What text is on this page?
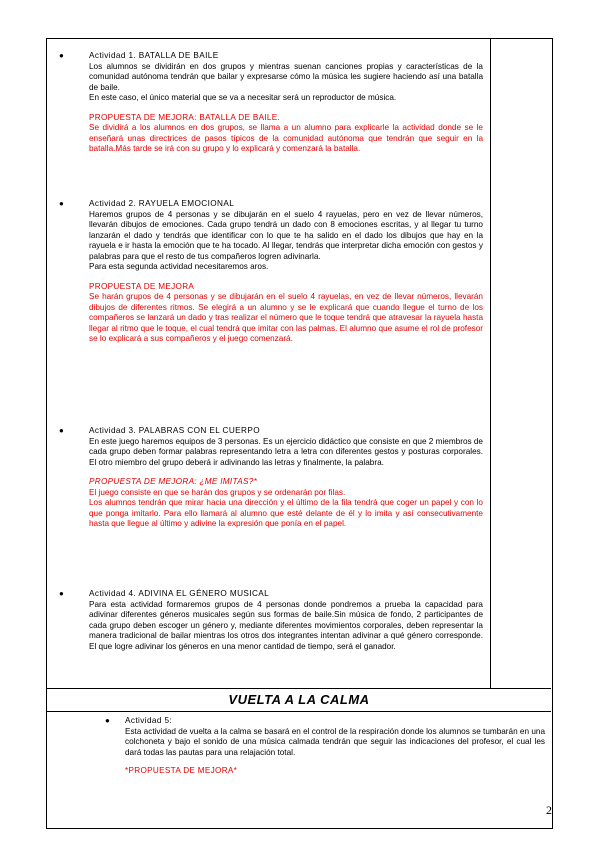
●	Actividad 1. BATALLA DE BAILE
Los alumnos se dividirán en dos grupos y mientras suenan canciones propias y características de la comunidad autónoma tendrán que bailar y expresarse cómo la música les sugiere haciendo así una batalla de baile.
En este caso, el único material que se va a necesitar será un reproductor de música.
PROPUESTA DE MEJORA: BATALLA DE BAILE.
Se dividirá a los alumnos en dos grupos, se llama a un alumno para explicarle la actividad donde se le enseñará unas directrices de pasos típicos de la comunidad autónoma que tendrán que seguir en la batalla.Más tarde se irá con su grupo y lo explicará y comenzará la batalla.
●	Actividad 2. RAYUELA EMOCIONAL
Haremos grupos de 4 personas y se dibujarán en el suelo 4 rayuelas, pero en vez de llevar números, llevarán dibujos de emociones. Cada grupo tendrá un dado con 8 emociones escritas, y al llegar tu turno lanzarán el dado y tendrás que identificar con lo que te ha salido en el dado los dibujos que hay en la rayuela e ir hasta la emoción que te ha tocado. Al llegar, tendrás que interpretar dicha emoción con gestos y palabras para que el resto de tus compañeros logren adivinarla.
Para esta segunda actividad necesitaremos aros.
PROPUESTA DE MEJORA
Se harán grupos de 4 personas y se dibujarán en el suelo 4 rayuelas, en vez de llevar números, llevarán dibujos de diferentes ritmos. Se elegirá a un alumno y se le explicará que cuando llegue el turno de los compañeros se lanzará un dado y tras realizar el número que le toque tendrá que atravesar la rayuela hasta llegar al ritmo que le toque, el cual tendrá que imitar con las palmas. El alumno que asume el rol de profesor se lo explicará a sus compañeros y el juego comenzará.
●	Actividad 3. PALABRAS CON EL CUERPO
En este juego haremos equipos de 3 personas. Es un ejercicio didáctico que consiste en que 2 miembros de cada grupo deben formar palabras representando letra a letra con diferentes gestos y posturas corporales. El otro miembro del grupo deberá ir adivinando las letras y finalmente, la palabra.
PROPUESTA DE MEJORA: ¿ME IMITAS?*
El juego consiste en que se harán dos grupos y se ordenarán por filas.
Los alumnos tendrán que mirar hacia una dirección y el último de la fila tendrá que coger un papel y con lo que ponga imitarlo. Para ello llamará al alumno que esté delante de él y lo imita y así consecutivamente hasta que llegue al último y adivine la expresión que ponía en el papel.
●	Actividad 4. ADIVINA EL GÉNERO MUSICAL
Para esta actividad formaremos grupos de 4 personas donde pondremos a prueba la capacidad para adivinar diferentes géneros musicales según sus formas de baile.Sin música de fondo, 2 participantes de cada grupo deben escoger un género y, mediante diferentes movimientos corporales, deben representar la manera tradicional de bailar mientras los otros dos integrantes intentan adivinar a qué género corresponde. El que logre adivinar los géneros en una menor cantidad de tiempo, será el ganador.
VUELTA A LA CALMA
● Actividad 5:
Esta actividad de vuelta a la calma se basará en el control de la respiración donde los alumnos se tumbarán en una colchoneta y bajo el sonido de una música calmada tendrán que seguir las indicaciones del profesor, el cual les dará todas las pautas para una relajación total.
*PROPUESTA DE MEJORA*
2
